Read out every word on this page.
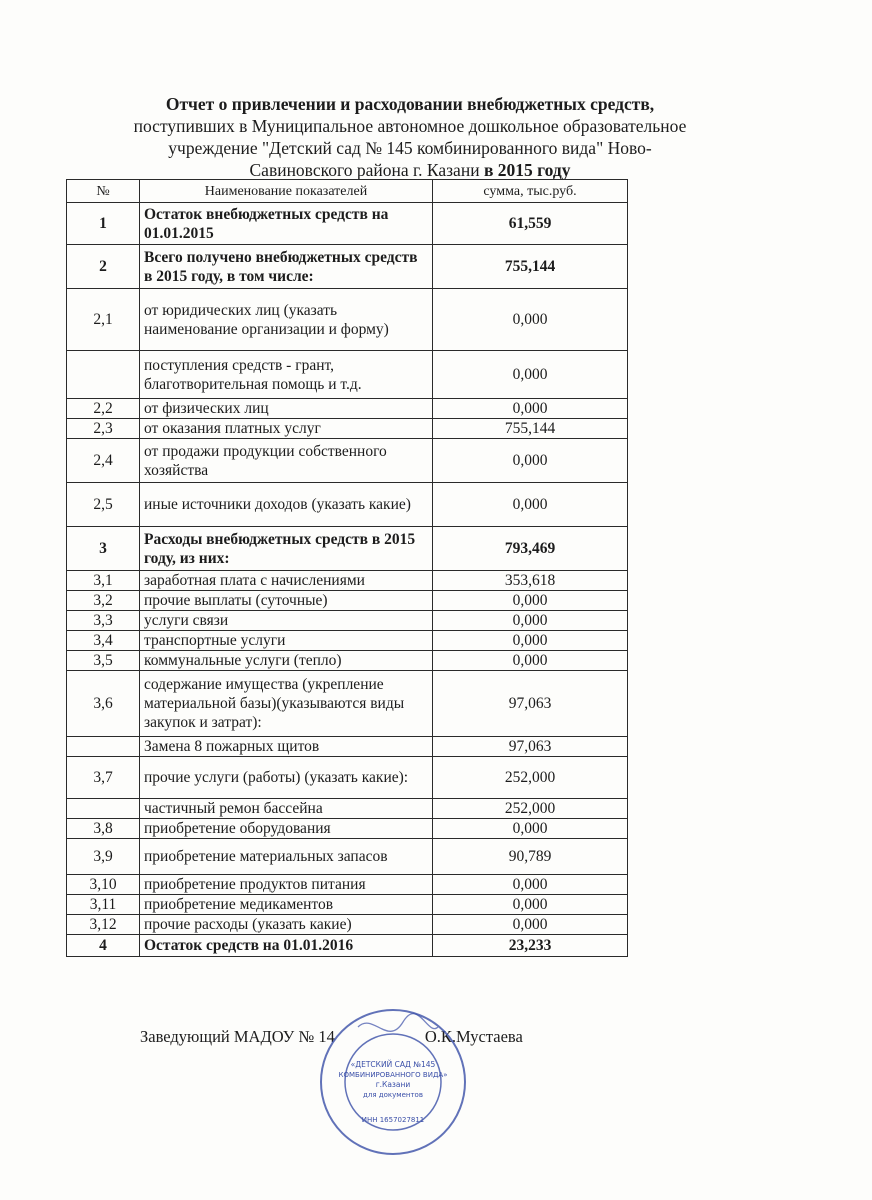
Отчет о привлечении и расходовании внебюджетных средств,
поступивших в Муниципальное автономное дошкольное образовательное
учреждение "Детский сад № 145 комбинированного вида" Ново-
Савиновского района г. Казани в 2015 году
№	Наименование показателей	сумма, тыс.руб.
1	Остаток внебюджетных средств на 01.01.2015	61,559
2	Всего получено внебюджетных средств в 2015 году, в том числе:	755,144
2,1	от юридических лиц (указать наименование организации и форму)	0,000
	поступления средств - грант, благотворительная помощь и т.д.	0,000
2,2	от физических лиц	0,000
2,3	от оказания платных услуг	755,144
2,4	от продажи продукции собственного хозяйства	0,000
2,5	иные источники доходов (указать какие)	0,000
3	Расходы внебюджетных средств в 2015 году, из них:	793,469
3,1	заработная плата с начислениями	353,618
3,2	прочие выплаты (суточные)	0,000
3,3	услуги связи	0,000
3,4	транспортные услуги	0,000
3,5	коммунальные услуги (тепло)	0,000
3,6	содержание имущества (укрепление материальной базы)(указываются виды закупок и затрат):	97,063
	Замена 8 пожарных щитов	97,063
3,7	прочие услуги (работы) (указать какие):	252,000
	частичный ремон бассейна	252,000
3,8	приобретение оборудования	0,000
3,9	приобретение материальных запасов	90,789
3,10	приобретение продуктов питания	0,000
3,11	приобретение медикаментов	0,000
3,12	прочие расходы (указать какие)	0,000
4	Остаток средств на 01.01.2016	23,233
Заведующий МАДОУ № 14	О.К.Мустаева
«ДЕТСКИЙ САД №145
КОМБИНИРОВАННОГО ВИДА»
г.Казани
для документов
ИНН 1657027811
